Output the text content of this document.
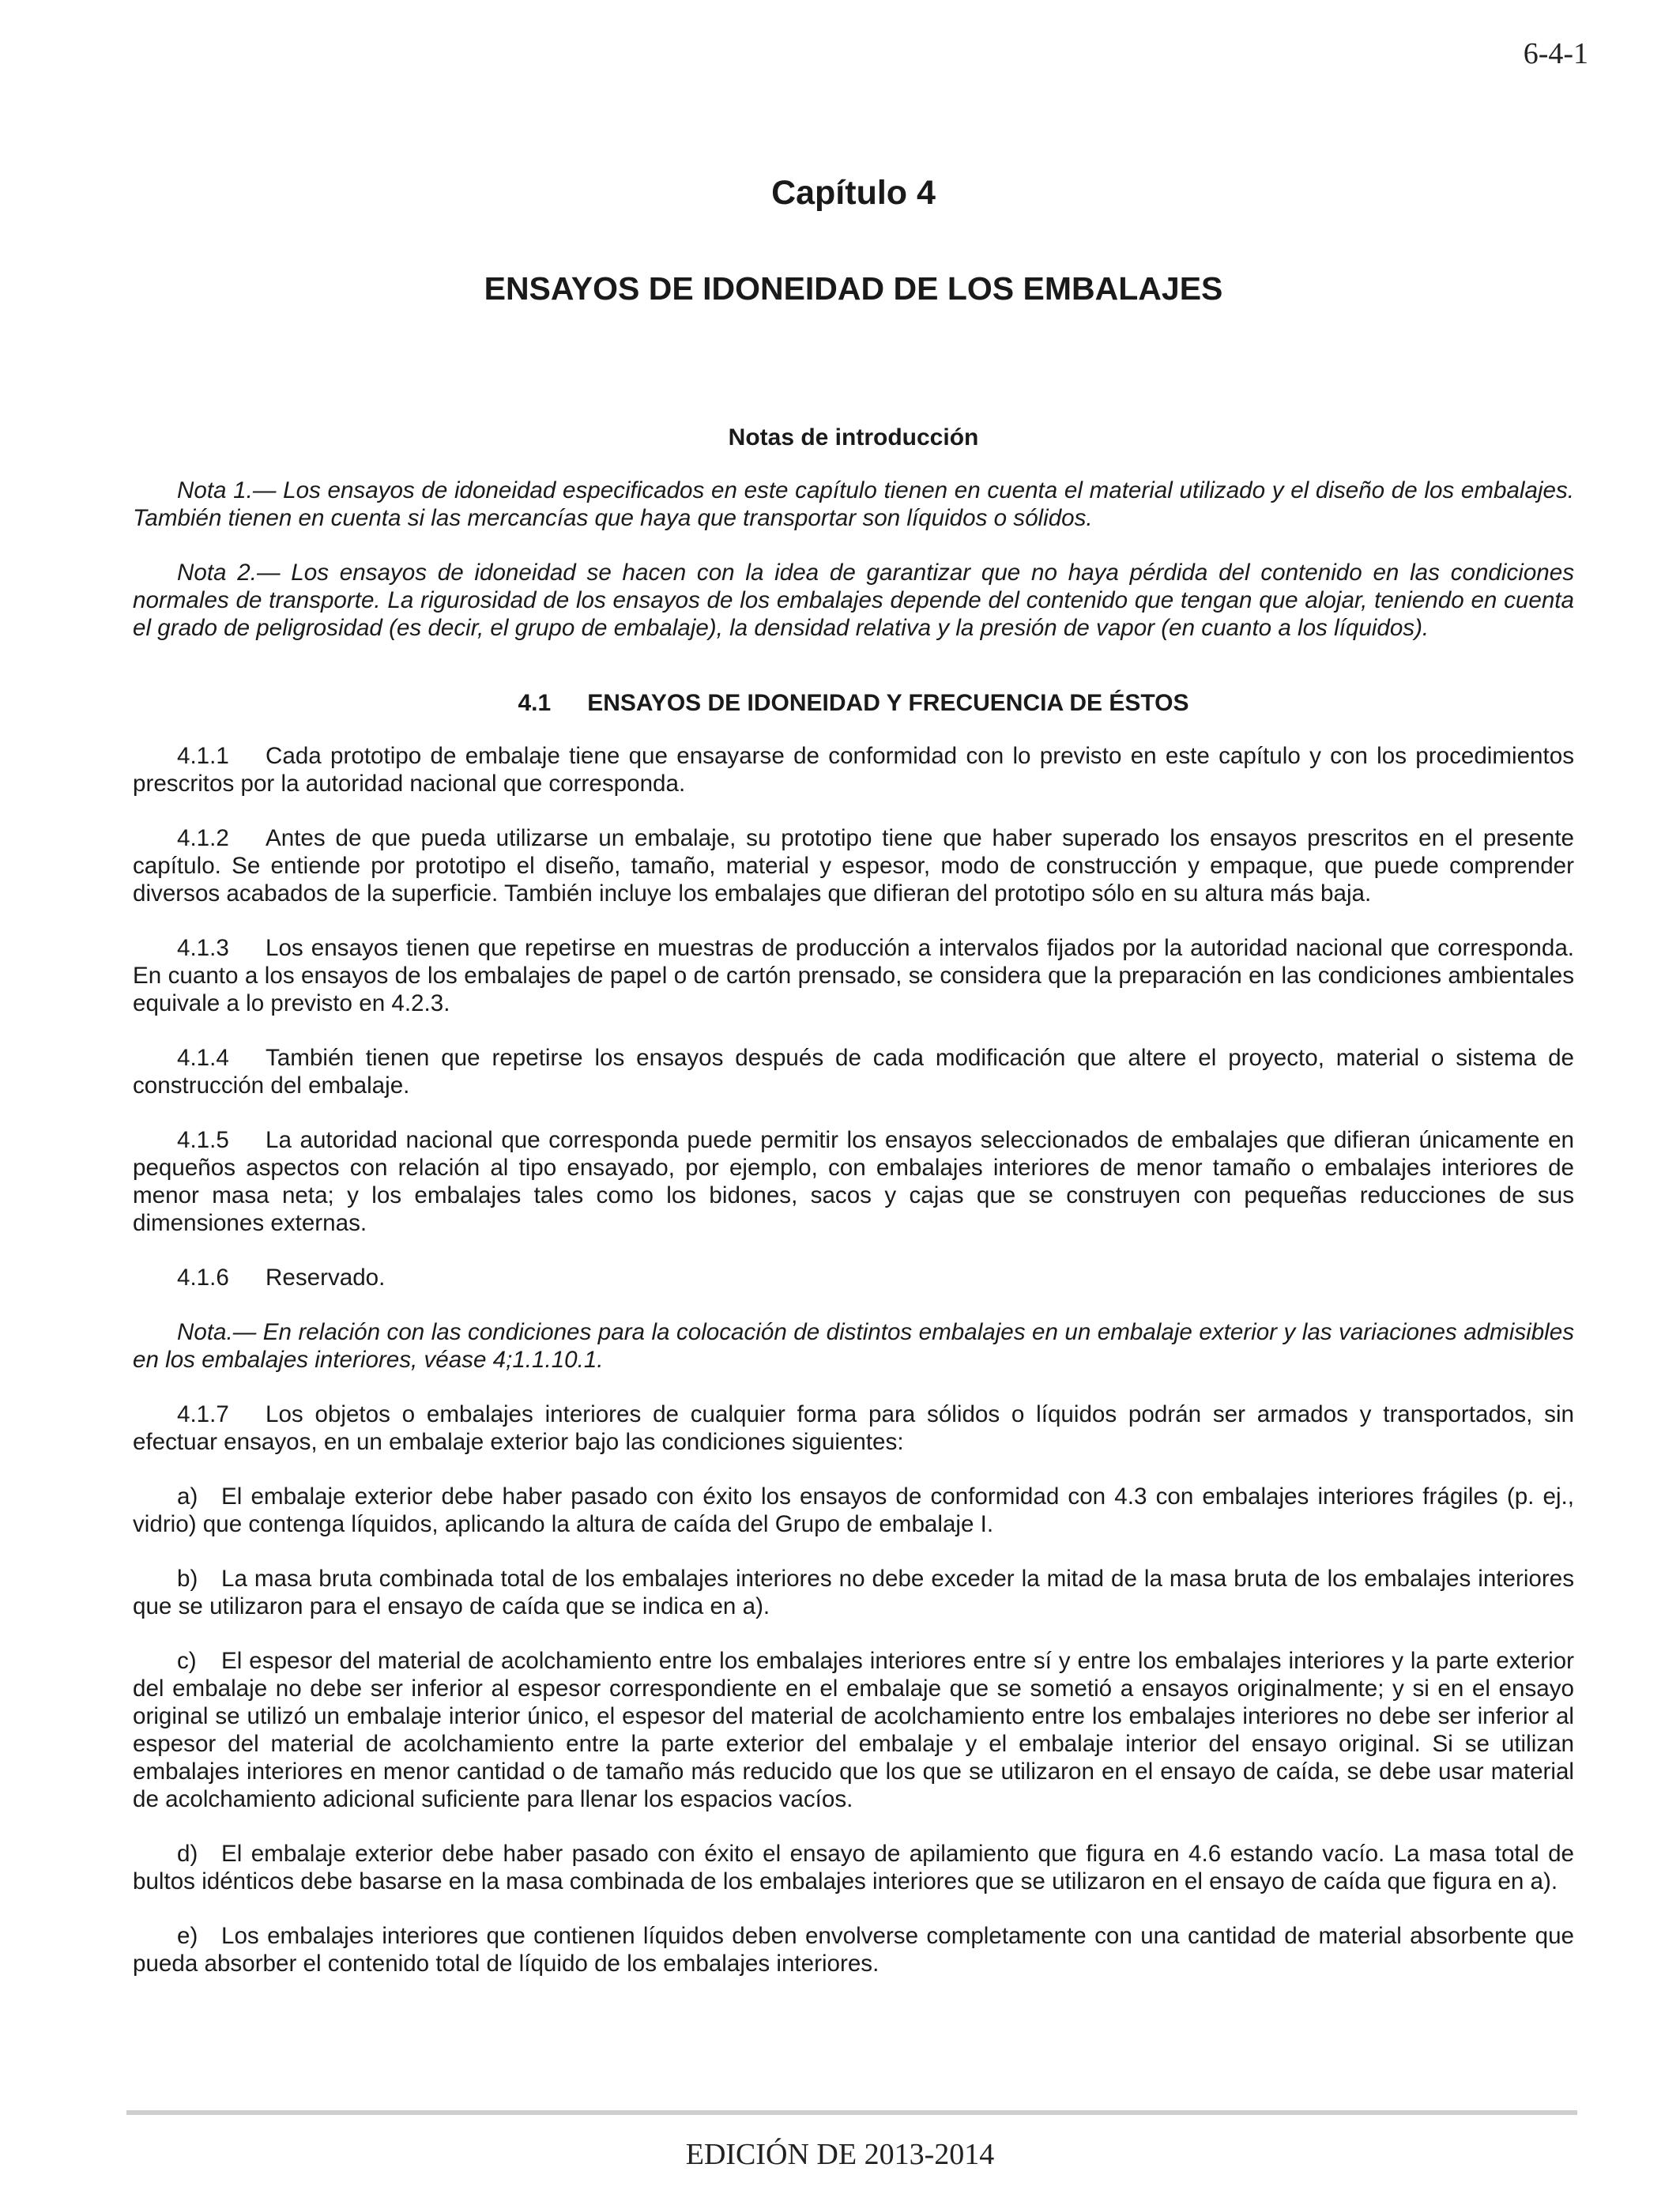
6-4-1
Capítulo 4
ENSAYOS DE IDONEIDAD DE LOS EMBALAJES
Notas de introducción

Nota 1.— Los ensayos de idoneidad especificados en este capítulo tienen en cuenta el material utilizado y el diseño de los embalajes. También tienen en cuenta si las mercancías que haya que transportar son líquidos o sólidos.

Nota 2.— Los ensayos de idoneidad se hacen con la idea de garantizar que no haya pérdida del contenido en las condiciones normales de transporte. La rigurosidad de los ensayos de los embalajes depende del contenido que tengan que alojar, teniendo en cuenta el grado de peligrosidad (es decir, el grupo de embalaje), la densidad relativa y la presión de vapor (en cuanto a los líquidos).

4.1 ENSAYOS DE IDONEIDAD Y FRECUENCIA DE ÉSTOS

4.1.1 Cada prototipo de embalaje tiene que ensayarse de conformidad con lo previsto en este capítulo y con los procedimientos prescritos por la autoridad nacional que corresponda.

4.1.2 Antes de que pueda utilizarse un embalaje, su prototipo tiene que haber superado los ensayos prescritos en el presente capítulo. Se entiende por prototipo el diseño, tamaño, material y espesor, modo de construcción y empaque, que puede comprender diversos acabados de la superficie. También incluye los embalajes que difieran del prototipo sólo en su altura más baja.

4.1.3 Los ensayos tienen que repetirse en muestras de producción a intervalos fijados por la autoridad nacional que corresponda. En cuanto a los ensayos de los embalajes de papel o de cartón prensado, se considera que la preparación en las condiciones ambientales equivale a lo previsto en 4.2.3.

4.1.4 También tienen que repetirse los ensayos después de cada modificación que altere el proyecto, material o sistema de construcción del embalaje.

4.1.5 La autoridad nacional que corresponda puede permitir los ensayos seleccionados de embalajes que difieran únicamente en pequeños aspectos con relación al tipo ensayado, por ejemplo, con embalajes interiores de menor tamaño o embalajes interiores de menor masa neta; y los embalajes tales como los bidones, sacos y cajas que se construyen con pequeñas reducciones de sus dimensiones externas.

4.1.6 Reservado.

Nota.— En relación con las condiciones para la colocación de distintos embalajes en un embalaje exterior y las variaciones admisibles en los embalajes interiores, véase 4;1.1.10.1.

4.1.7 Los objetos o embalajes interiores de cualquier forma para sólidos o líquidos podrán ser armados y transportados, sin efectuar ensayos, en un embalaje exterior bajo las condiciones siguientes:

a) El embalaje exterior debe haber pasado con éxito los ensayos de conformidad con 4.3 con embalajes interiores frágiles (p. ej., vidrio) que contenga líquidos, aplicando la altura de caída del Grupo de embalaje I.

b) La masa bruta combinada total de los embalajes interiores no debe exceder la mitad de la masa bruta de los embalajes interiores que se utilizaron para el ensayo de caída que se indica en a).

c) El espesor del material de acolchamiento entre los embalajes interiores entre sí y entre los embalajes interiores y la parte exterior del embalaje no debe ser inferior al espesor correspondiente en el embalaje que se sometió a ensayos originalmente; y si en el ensayo original se utilizó un embalaje interior único, el espesor del material de acolchamiento entre los embalajes interiores no debe ser inferior al espesor del material de acolchamiento entre la parte exterior del embalaje y el embalaje interior del ensayo original. Si se utilizan embalajes interiores en menor cantidad o de tamaño más reducido que los que se utilizaron en el ensayo de caída, se debe usar material de acolchamiento adicional suficiente para llenar los espacios vacíos.

d) El embalaje exterior debe haber pasado con éxito el ensayo de apilamiento que figura en 4.6 estando vacío. La masa total de bultos idénticos debe basarse en la masa combinada de los embalajes interiores que se utilizaron en el ensayo de caída que figura en a).

e) Los embalajes interiores que contienen líquidos deben envolverse completamente con una cantidad de material absorbente que pueda absorber el contenido total de líquido de los embalajes interiores.

EDICIÓN DE 2013-2014
